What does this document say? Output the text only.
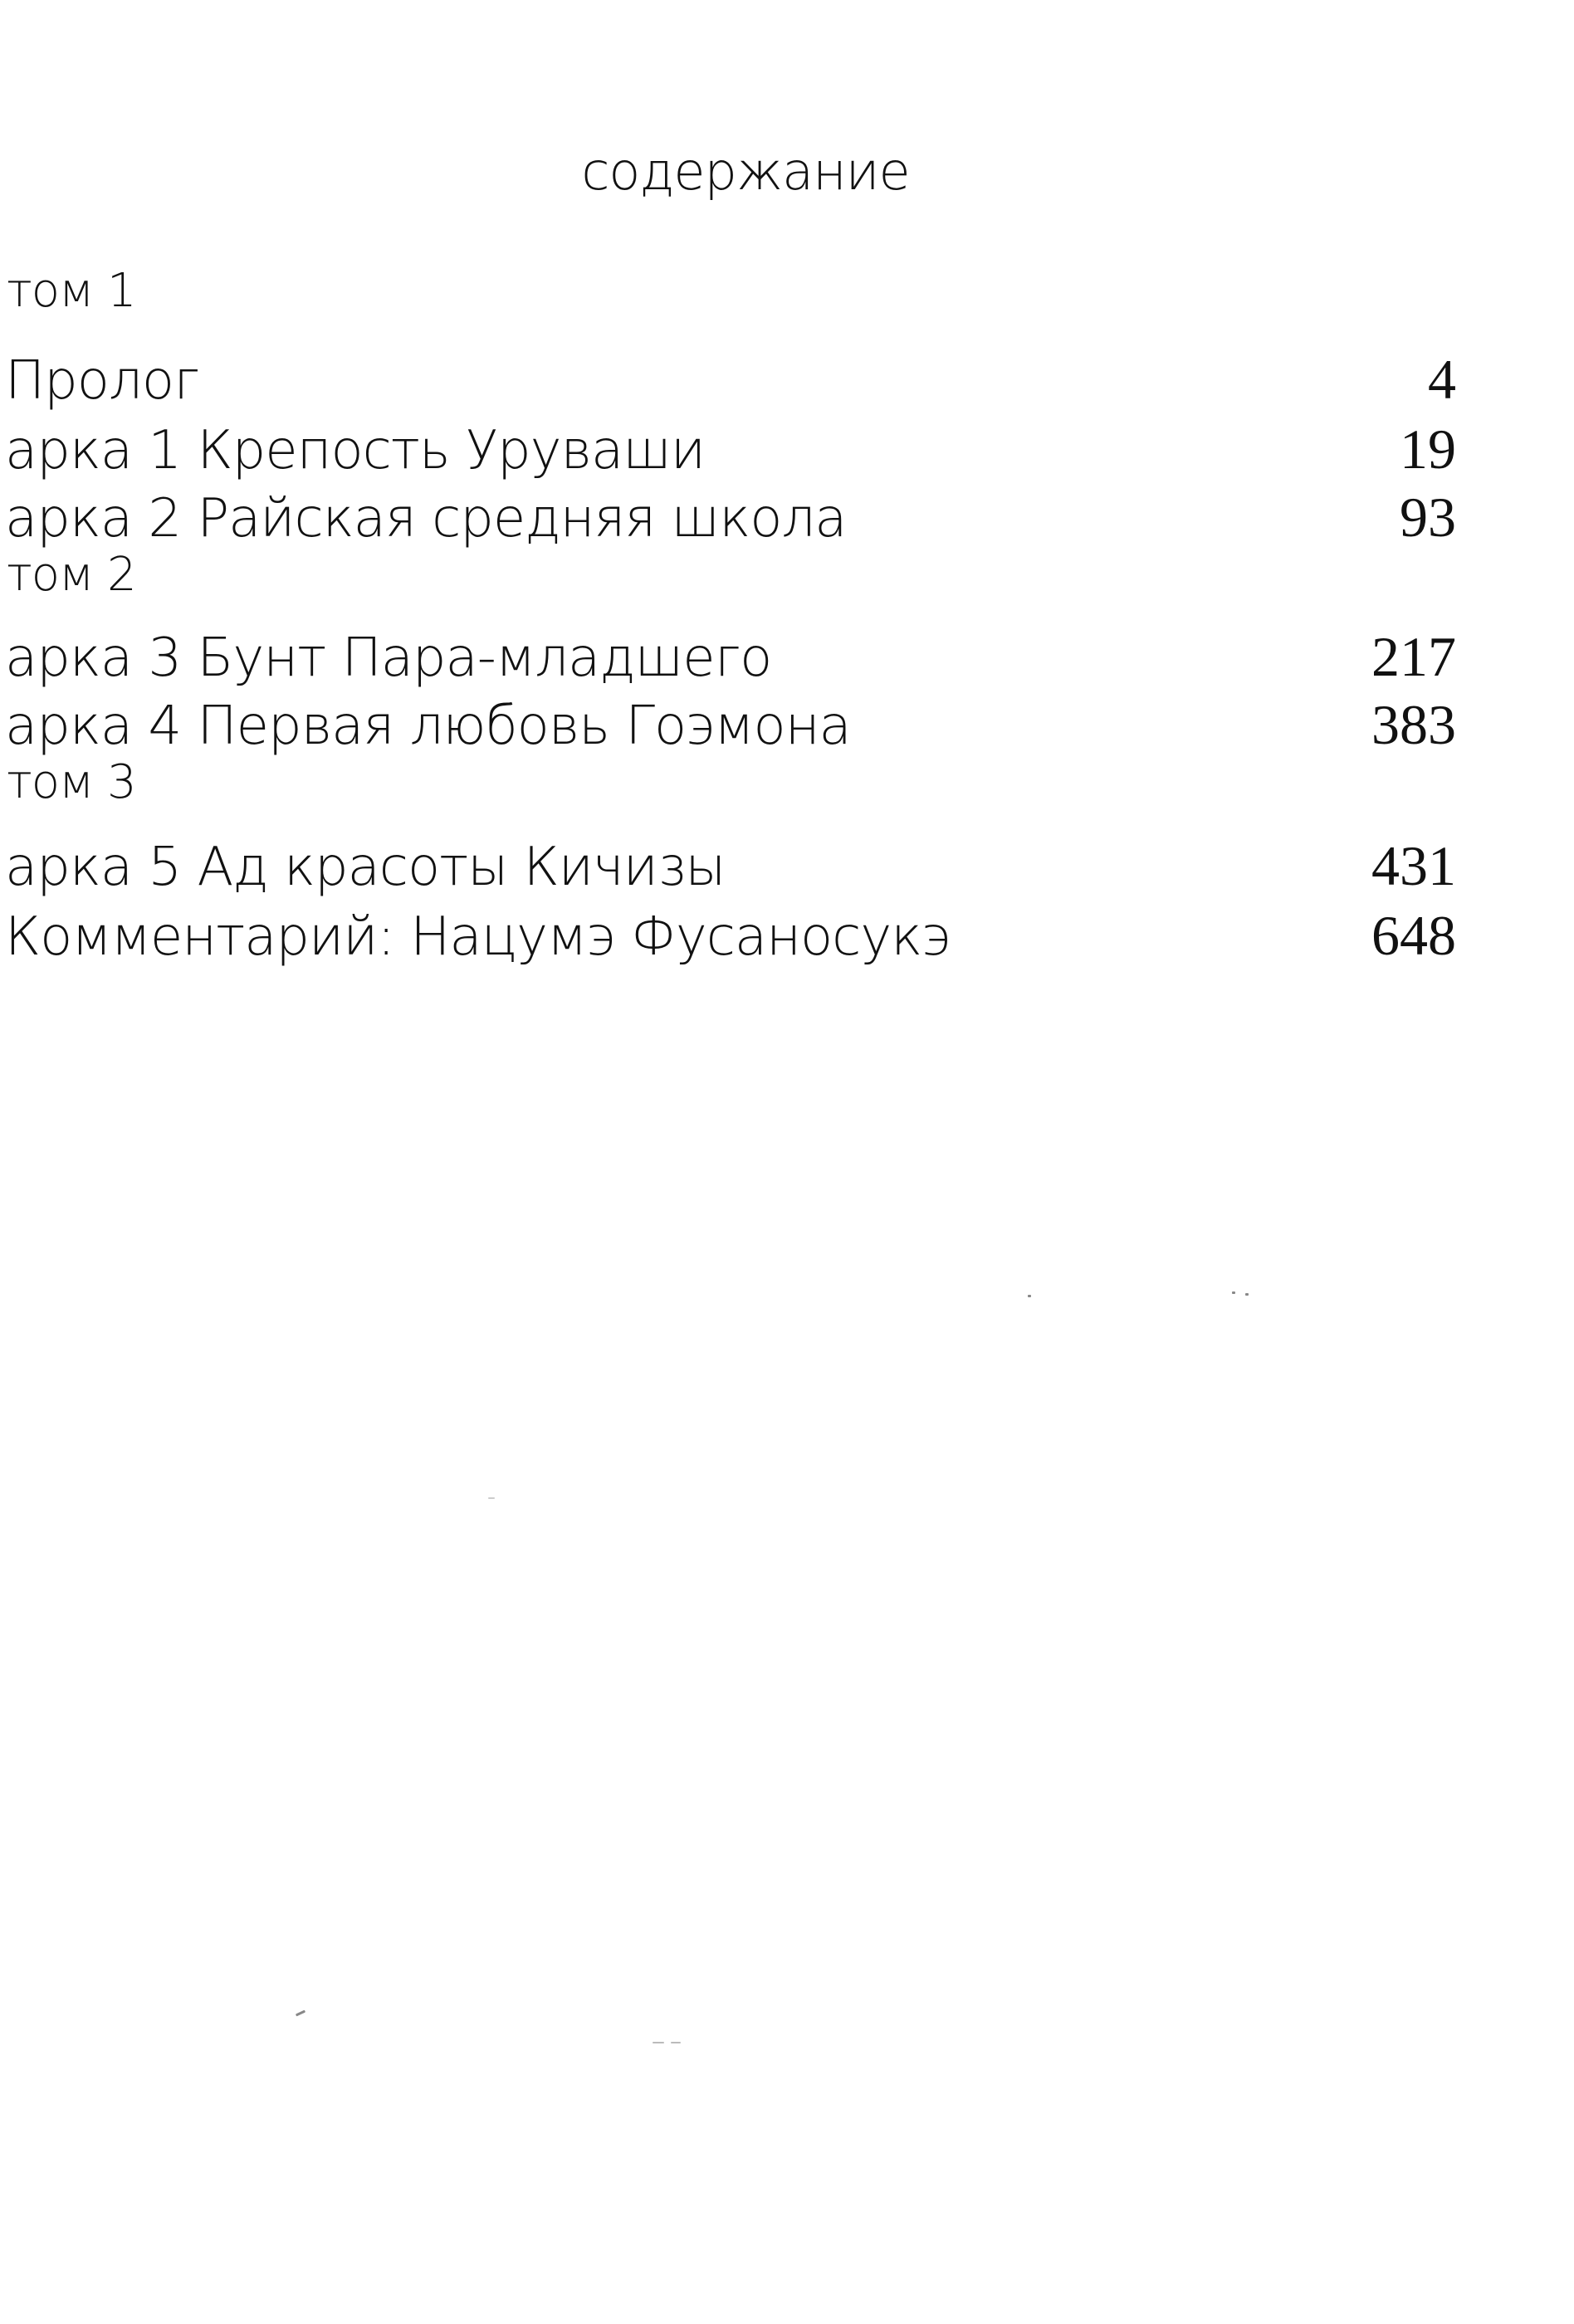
содержание
том 1
Пролог	4
арка 1 Крепость Уруваши	19
арка 2 Райская средняя школа	93
том 2
арка 3 Бунт Пара-младшего	217
арка 4 Первая любовь Гоэмона	383
том 3
арка 5 Ад красоты Кичизы	431
Комментарий: Нацумэ Фусаносукэ	648
